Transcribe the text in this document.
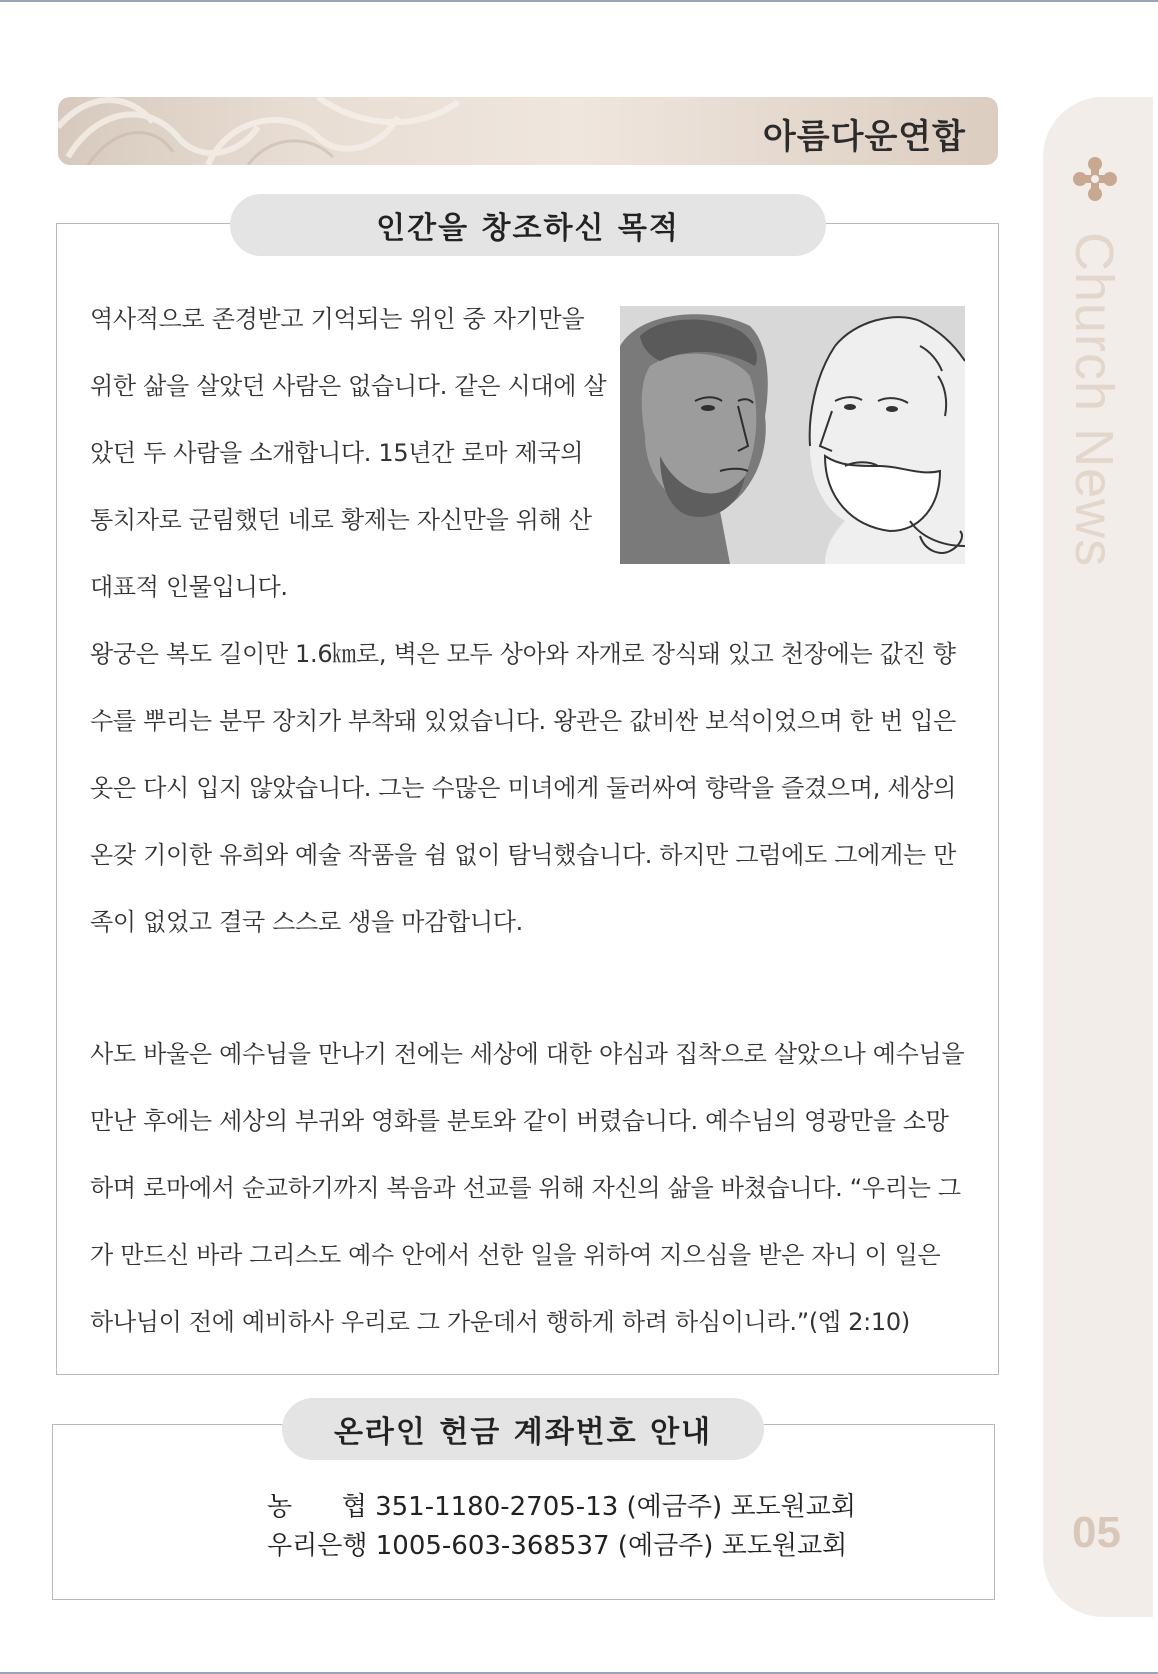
아름다운연합
Church News
05
인간을 창조하신 목적

역사적으로 존경받고 기억되는 위인 중 자기만을 위한 삶을 살았던 사람은 없습니다. 같은 시대에 살았던 두 사람을 소개합니다. 15년간 로마 제국의 통치자로 군림했던 네로 황제는 자신만을 위해 산 대표적 인물입니다.

왕궁은 복도 길이만 1.6㎞로, 벽은 모두 상아와 자개로 장식돼 있고 천장에는 값진 향수를 뿌리는 분무 장치가 부착돼 있었습니다. 왕관은 값비싼 보석이었으며 한 번 입은 옷은 다시 입지 않았습니다. 그는 수많은 미녀에게 둘러싸여 향락을 즐겼으며, 세상의 온갖 기이한 유희와 예술 작품을 쉼 없이 탐닉했습니다. 하지만 그럼에도 그에게는 만족이 없었고 결국 스스로 생을 마감합니다.

사도 바울은 예수님을 만나기 전에는 세상에 대한 야심과 집착으로 살았으나 예수님을 만난 후에는 세상의 부귀와 영화를 분토와 같이 버렸습니다. 예수님의 영광만을 소망하며 로마에서 순교하기까지 복음과 선교를 위해 자신의 삶을 바쳤습니다. “우리는 그가 만드신 바라 그리스도 예수 안에서 선한 일을 위하여 지으심을 받은 자니 이 일은 하나님이 전에 예비하사 우리로 그 가운데서 행하게 하려 하심이니라.”(엡 2:10)

온라인 헌금 계좌번호 안내
농      협 351-1180-2705-13 (예금주) 포도원교회
우리은행 1005-603-368537 (예금주) 포도원교회
